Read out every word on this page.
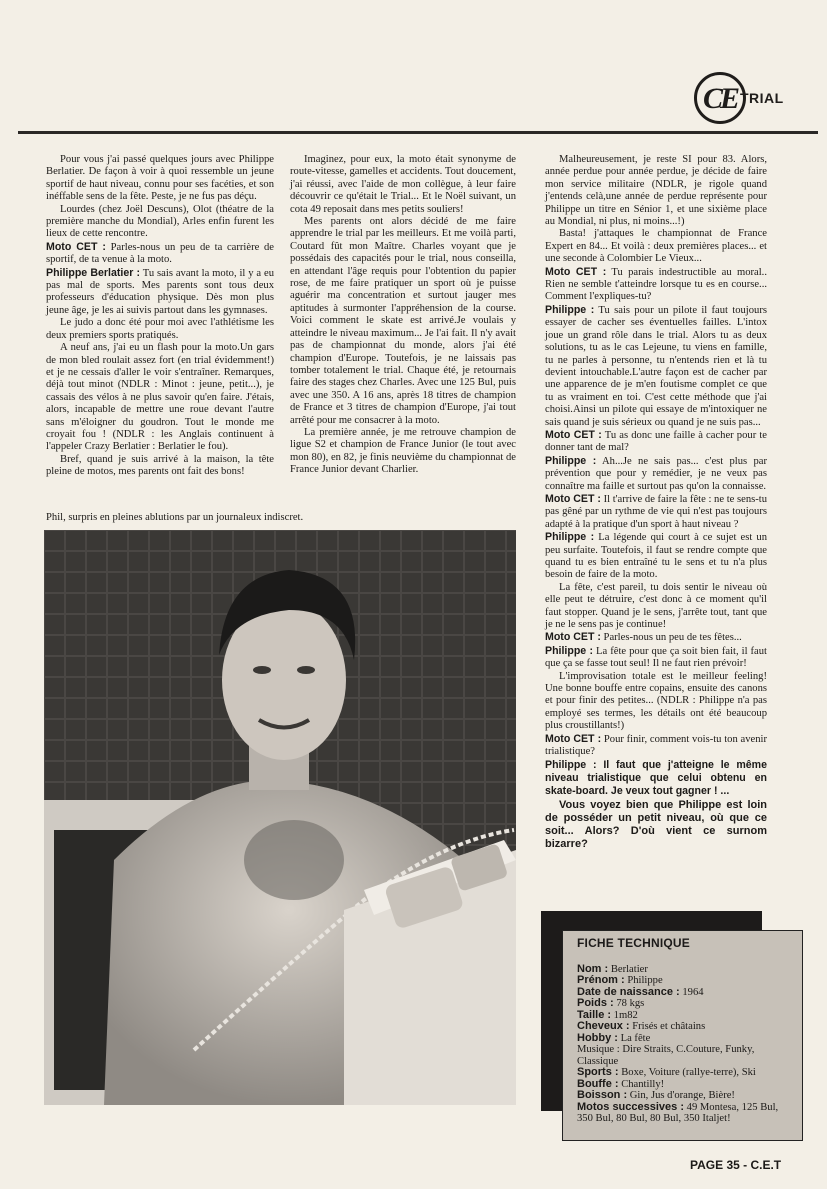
CE TRIAL

Pour vous j'ai passé quelques jours avec Philippe Berlatier. De façon à voir à quoi ressemble un jeune sportif de haut niveau, connu pour ses facéties, et son inéffable sens de la fête. Peste, je ne fus pas déçu.

Lourdes (chez Joël Descuns), Olot (théatre de la première manche du Mondial), Arles enfin furent les lieux de cette rencontre.

Moto CET : Parles-nous un peu de ta carrière de sportif, de ta venue à la moto.

Philippe Berlatier : Tu sais avant la moto, il y a eu pas mal de sports. Mes parents sont tous deux professeurs d'éducation physique. Dès mon plus jeune âge, je les ai suivis partout dans les gymnases.

Le judo a donc été pour moi avec l'athlétisme les deux premiers sports pratiqués.

A neuf ans, j'ai eu un flash pour la moto.Un gars de mon bled roulait assez fort (en trial évidemment!) et je ne cessais d'aller le voir s'entraîner. Remarques, déjà tout minot (NDLR : Minot : jeune, petit...), je cassais des vélos à ne plus savoir qu'en faire. J'étais, alors, incapable de mettre une roue devant l'autre sans m'éloigner du goudron. Tout le monde me croyait fou ! (NDLR : les Anglais continuent à l'appeler Crazy Berlatier : Berlatier le fou).

Bref, quand je suis arrivé à la maison, la tête pleine de motos, mes parents ont fait des bons!

Imaginez, pour eux, la moto était synonyme de route-vitesse, gamelles et accidents. Tout doucement, j'ai réussi, avec l'aide de mon collègue, à leur faire découvrir ce qu'était le Trial... Et le Noël suivant, un cota 49 reposait dans mes petits souliers!

Mes parents ont alors décidé de me faire apprendre le trial par les meilleurs. Et me voilà parti, Coutard fût mon Maître. Charles voyant que je possédais des capacités pour le trial, nous conseilla, en attendant l'âge requis pour l'obtention du papier rose, de me faire pratiquer un sport où je puisse aguérir ma concentration et surtout jauger mes aptitudes à surmonter l'appréhension de la course. Voici comment le skate est arrivé.Je voulais y atteindre le niveau maximum... Je l'ai fait. Il n'y avait pas de championnat du monde, alors j'ai été champion d'Europe. Toutefois, je ne laissais pas tomber totalement le trial. Chaque été, je retournais faire des stages chez Charles. Avec une 125 Bul, puis avec une 350. A 16 ans, après 18 titres de champion de France et 3 titres de champion d'Europe, j'ai tout arrêté pour me consacrer à la moto.

La première année, je me retrouve champion de ligue S2 et champion de France Junior (le tout avec mon 80), en 82, je finis neuvième du championnat de France Junior devant Charlier.

Malheureusement, je reste SI pour 83. Alors, année perdue pour année perdue, je décide de faire mon service militaire (NDLR, je rigole quand j'entends celà,une année de perdue représente pour Philippe un titre en Sénior 1, et une sixième place au Mondial, ni plus, ni moins...!)

Basta! j'attaques le championnat de France Expert en 84... Et voilà : deux premières places... et une seconde à Colombier Le Vieux...

Moto CET : Tu parais indestructible au moral.. Rien ne semble t'atteindre lorsque tu es en course... Comment l'expliques-tu?

Philippe : Tu sais pour un pilote il faut toujours essayer de cacher ses éventuelles failles. L'intox joue un grand rôle dans le trial. Alors tu as deux solutions, tu as le cas Lejeune, tu viens en famille, tu ne parles à personne, tu n'entends rien et là tu devient intouchable.L'autre façon est de cacher par une apparence de je m'en foutisme complet ce que tu as vraiment en toi. C'est cette méthode que j'ai choisi.Ainsi un pilote qui essaye de m'intoxiquer ne sais quand je suis sérieux ou quand je ne suis pas...

Moto CET : Tu as donc une faille à cacher pour te donner tant de mal?

Philippe : Ah...Je ne sais pas... c'est plus par prévention que pour y remédier, je ne veux pas connaître ma faille et surtout pas qu'on la connaisse.

Moto CET : Il t'arrive de faire la fête : ne te sens-tu pas gêné par un rythme de vie qui n'est pas toujours adapté à la pratique d'un sport à haut niveau ?

Philippe : La légende qui court à ce sujet est un peu surfaite. Toutefois, il faut se rendre compte que quand tu es bien entraîné tu le sens et tu n'a plus besoin de faire de la moto.

La fête, c'est pareil, tu dois sentir le niveau où elle peut te détruire, c'est donc à ce moment qu'il faut stopper. Quand je le sens, j'arrête tout, tant que je ne le sens pas je continue!

Moto CET : Parles-nous un peu de tes fêtes...

Philippe : La fête pour que ça soit bien fait, il faut que ça se fasse tout seul! Il ne faut rien prévoir!

L'improvisation totale est le meilleur feeling! Une bonne bouffe entre copains, ensuite des canons et pour finir des petites... (NDLR : Philippe n'a pas employé ses termes, les détails ont été beaucoup plus croustillants!)

Moto CET : Pour finir, comment vois-tu ton avenir trialistique?

Philippe : Il faut que j'atteigne le même niveau trialistique que celui obtenu en skate-board. Je veux tout gagner ! ...

Vous voyez bien que Philippe est loin de posséder un petit niveau, où que ce soit... Alors? D'où vient ce surnom bizarre?

Phil, surpris en pleines ablutions par un journaleux indiscret.
FICHE TECHNIQUE
Nom : Berlatier
Prénom : Philippe
Date de naissance : 1964
Poids : 78 kgs
Taille : 1m82
Cheveux : Frisés et châtains
Hobby : La fête
Musique : Dire Straits, C.Couture, Funky, Classique
Sports : Boxe, Voiture (rallye-terre), Ski
Bouffe : Chantilly!
Boisson : Gin, Jus d'orange, Bière!
Motos successives : 49 Montesa, 125 Bul, 350 Bul, 80 Bul, 80 Bul, 350 Italjet!
PAGE 35 - C.E.T
